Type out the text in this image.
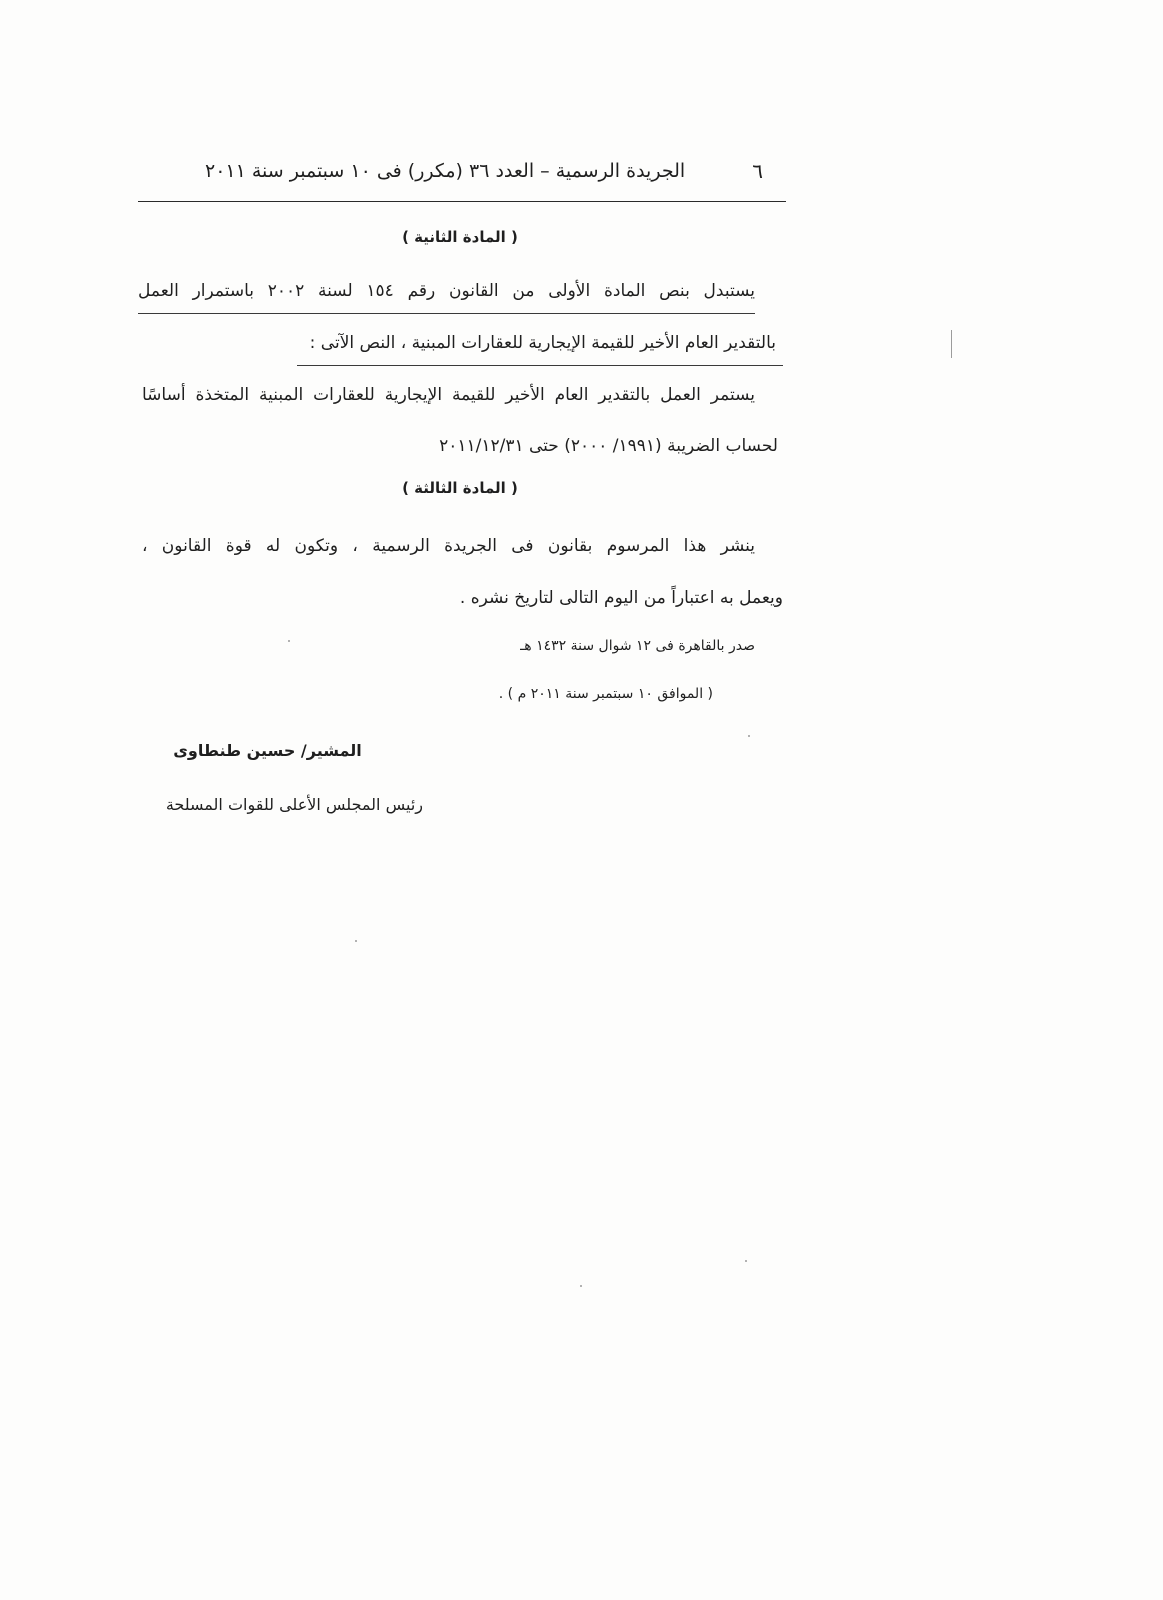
٦
الجريدة الرسمية – العدد ٣٦ (مكرر) فى ١٠ سبتمبر سنة ٢٠١١
( المادة الثانية )
يستبدل بنص المادة الأولى من القانون رقم ١٥٤ لسنة ٢٠٠٢ باستمرار العمل
بالتقدير العام الأخير للقيمة الإيجارية للعقارات المبنية ، النص الآتى :
يستمر العمل بالتقدير العام الأخير للقيمة الإيجارية للعقارات المبنية المتخذة أساسًا
لحساب الضريبة (١٩٩١/ ٢٠٠٠) حتى ٢٠١١/١٢/٣١
( المادة الثالثة )
ينشر هذا المرسوم بقانون فى الجريدة الرسمية ، وتكون له قوة القانون ،
ويعمل به اعتباراً من اليوم التالى لتاريخ نشره .
صدر بالقاهرة فى ١٢ شوال سنة ١٤٣٢ هـ
( الموافق ١٠ سبتمبر سنة ٢٠١١ م ) .
المشير/ حسين طنطاوى
رئيس المجلس الأعلى للقوات المسلحة
